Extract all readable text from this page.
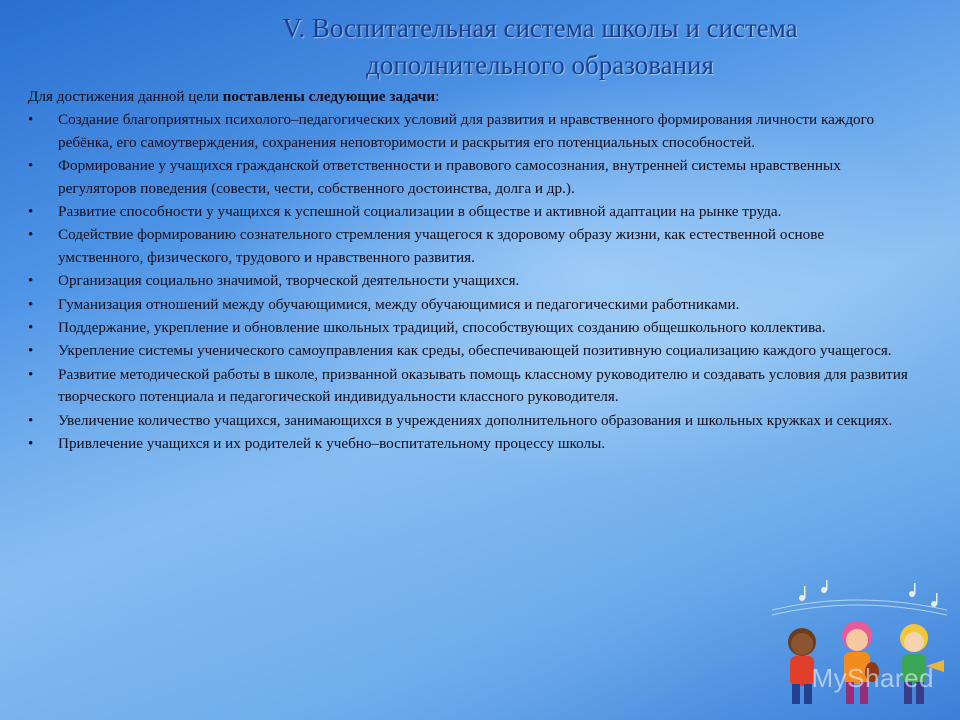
V. Воспитательная система школы и система
дополнительного образования

Для достижения данной цели поставлены следующие задачи:

• Создание благоприятных психолого–педагогических условий для развития и нравственного формирования личности каждого ребёнка, его самоутверждения, сохранения неповторимости и раскрытия его потенциальных способностей.
• Формирование у учащихся гражданской ответственности и правового самосознания, внутренней системы нравственных регуляторов поведения (совести, чести, собственного достоинства, долга и др.).
• Развитие способности у учащихся к успешной социализации в обществе и активной адаптации на рынке труда.
• Содействие формированию сознательного стремления учащегося к здоровому образу жизни, как естественной основе умственного, физического, трудового и нравственного развития.
• Организация социально значимой, творческой деятельности учащихся.
• Гуманизация отношений между обучающимися, между обучающимися и педагогическими работниками.
• Поддержание, укрепление и обновление школьных традиций, способствующих созданию общешкольного коллектива.
• Укрепление системы ученического самоуправления как среды, обеспечивающей позитивную социализацию каждого учащегося.
• Развитие методической работы в школе, призванной оказывать помощь классному руководителю и создавать условия для развития творческого потенциала и педагогической индивидуальности классного руководителя.
• Увеличение количество учащихся, занимающихся в учреждениях дополнительного образования и школьных кружках и секциях.
• Привлечение учащихся и их родителей к учебно–воспитательному процессу школы.
MyShared
